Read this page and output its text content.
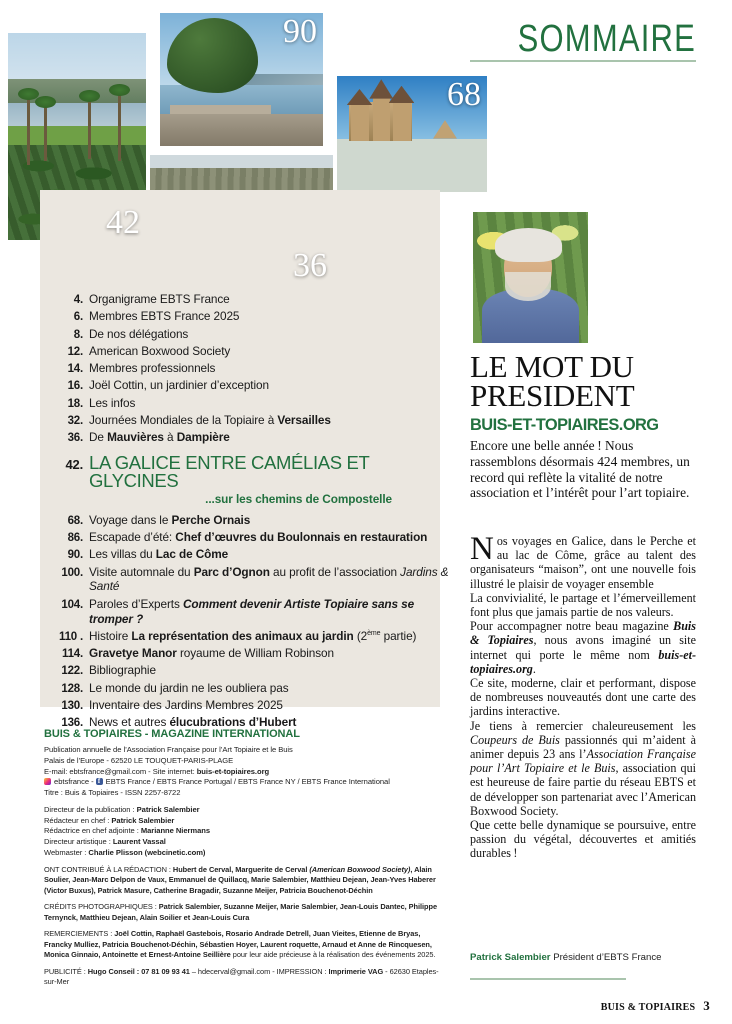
42
90
68
36
4. Organigrame EBTS France
6. Membres EBTS France 2025
8. De nos délégations
12. American Boxwood Society
14. Membres professionnels
16. Joël Cottin, un jardinier d’exception
18. Les infos
32. Journées Mondiales de la Topiaire à Versailles
36. De Mauvières à Dampière
42. LA GALICE ENTRE CAMÉLIAS ET GLYCINES
...sur les chemins de Compostelle
68. Voyage dans le Perche Ornais
86. Escapade d’été: Chef d’œuvres du Boulonnais en restauration
90. Les villas du Lac de Côme
100. Visite automnale du Parc d’Ognon au profit de l’association Jardins & Santé
104. Paroles d’Experts Comment devenir Artiste Topiaire sans se tromper ?
110 . Histoire La représentation des animaux au jardin (2ème partie)
114. Gravetye Manor royaume de William Robinson
122. Bibliographie
128. Le monde du jardin ne les oubliera pas
130. Inventaire des Jardins Membres 2025
136. News et autres élucubrations d’Hubert
BUIS & TOPIAIRES - MAGAZINE INTERNATIONAL

Publication annuelle de l’Association Française pour l’Art Topiaire et le Buis

Palais de l’Europe - 62520 LE TOUQUET-PARIS-PLAGE

E-mail: ebtsfrance@gmail.com - Site internet: buis-et-topiaires.org

ebtsfrance - f EBTS France / EBTS France Portugal / EBTS France NY / EBTS France International

Titre : Buis & Topiaires - ISSN 2257-8722

Directeur de la publication : Patrick Salembier

Rédacteur en chef : Patrick Salembier

Rédactrice en chef adjointe : Marianne Niermans

Directeur artistique : Laurent Vassal

Webmaster : Charlie Plisson (webcinetic.com)

ONT CONTRIBUÉ À LA RÉDACTION : Hubert de Cerval, Marguerite de Cerval (American Boxwood Society), Alain Soulier, Jean-Marc Delpon de Vaux, Emmanuel de Quillacq, Marie Salembier, Matthieu Dejean, Jean-Yves Haberer (Victor Buxus), Patrick Masure, Catherine Bragadir, Suzanne Meijer, Patricia Bouchenot-Déchin

CRÉDITS PHOTOGRAPHIQUES : Patrick Salembier, Suzanne Meijer, Marie Salembier, Jean-Louis Dantec, Philippe Ternynck, Matthieu Dejean, Alain Soilier et Jean-Louis Cura

REMERCIEMENTS : Joël Cottin, Raphaël Gastebois, Rosario Andrade Detrell, Juan Vieites, Etienne de Bryas, Francky Mulliez, Patricia Bouchenot-Déchin, Sébastien Hoyer, Laurent roquette, Arnaud et Anne de Rincquesen, Monica Ginnaio, Antoinette et Ernest-Antoine Seillière pour leur aide précieuse à la réalisation des événements 2025.

PUBLICITÉ : Hugo Conseil : 07 81 09 93 41 – hdecerval@gmail.com - IMPRESSION : Imprimerie VAG - 62630 Etaples-sur-Mer

SOMMAIRE
LE MOT DU
PRESIDENT
BUIS-ET-TOPIAIRES.ORG
Encore une belle année ! Nous rassemblons désormais 424 membres, un record qui reflète la vitalité de notre association et l’intérêt pour l’art topiaire.

Nos voyages en Galice, dans le Perche et au lac de Côme, grâce au talent des organisateurs “maison”, ont une nouvelle fois illustré le plaisir de voyager ensemble

La convivialité, le partage et l’émerveillement font plus que jamais partie de nos valeurs.

Pour accompagner notre beau magazine Buis & Topiaires, nous avons imaginé un site internet qui porte le même nom buis-et-topiaires.org.

Ce site, moderne, clair et performant, dispose de nombreuses nouveautés dont une carte des jardins interactive.

Je tiens à remercier chaleureusement les Coupeurs de Buis passionnés qui m’aident à animer depuis 23 ans l’Association Française pour l’Art Topiaire et le Buis, association qui est heureuse de faire partie du réseau EBTS et de développer son partenariat avec l’American Boxwood Society.

Que cette belle dynamique se poursuive, entre passion du végétal, découvertes et amitiés durables !

Patrick Salembier Président d’EBTS France
BUIS & TOPIAIRES 3
